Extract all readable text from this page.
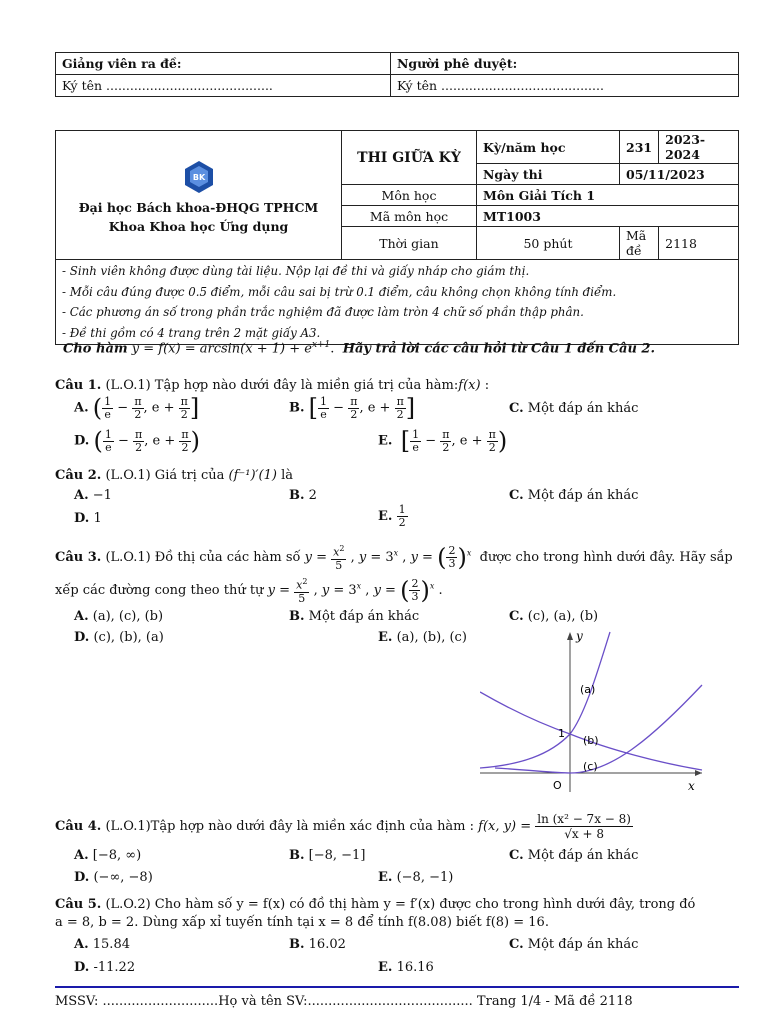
Giảng viên ra đề:	Người phê duyệt:
Ký tên ..........................................	Ký tên .........................................
BK
Đại học Bách khoa-ĐHQG TPHCM
Khoa Khoa học Ứng dụng	THI GIỮA KỲ	Kỳ/năm học	231	2023-2024
		Ngày thi	05/11/2023	
	Môn học	Môn Giải Tích 1		
	Mã môn học	MT1003		
	Thời gian	50 phút	Mã đề	2118

- Sinh viên không được dùng tài liệu. Nộp lại đề thi và giấy nháp cho giám thị.
- Mỗi câu đúng được 0.5 điểm, mỗi câu sai bị trừ 0.1 điểm, câu không chọn không tính điểm.
- Các phương án số trong phần trắc nghiệm đã được làm tròn 4 chữ số phần thập phân.
- Đề thi gồm có 4 trang trên 2 mặt giấy A3.				
Cho hàm $y = f(x) = \arcsin(x + 1) + e^{x+1}$.  Hãy trả lời các câu hỏi từ Câu 1 đến Câu 2.
Câu 1. (L.O.1) Tập hợp nào dưới đây là miền giá trị của hàm:f(x) :
A. ( $\frac{1}{e} - \frac{\pi}{2}$ , $e + \frac{\pi}{2}$ ]	B. [ $\frac{1}{e} - \frac{\pi}{2}$ , $e + \frac{\pi}{2}$ ]	C. Một đáp án khác
D. ( $\frac{1}{e} - \frac{\pi}{2}$ , $e + \frac{\pi}{2}$ )	E. [ $\frac{1}{e} - \frac{\pi}{2}$ , $e + \frac{\pi}{2}$ )
Câu 2. (L.O.1) Giá trị của (f⁻¹)′(1) là
A. −1	B. 2	C. Một đáp án khác
D. 1	E. $\frac{1}{2}$
Câu 3. (L.O.1) Đồ thị của các hàm số $y = \frac{x^2}{5}$ , $y = 3^x$ , y = ( $\frac{2}{3} )^x$ được cho trong hình dưới đây. Hãy sắp
xếp các đường cong theo thứ tự $y = \frac{x^2}{5}$ , $y = 3^x$ , y = ( $\frac{2}{3} )^x$ .
A. (a), (c), (b)	B. Một đáp án khác	C. (c), (a), (b)
D. (c), (b), (a)	E. (a), (b), (c)
(a)
(b)
(c)
1
O	x
y
Câu 4. (L.O.1)Tập hợp nào dưới đây là miền xác định của hàm : f(x, $y) = \frac{\text{ln (x² − 7x − 8)}}{√x + 8}$
A. [−8, ∞)	B. [−8, −1]	C. Một đáp án khác
D. (−∞, −8)	E. (−8, −1)
Câu 5. (L.O.2) Cho hàm số y = f(x) có đồ thị hàm y = f′(x) được cho trong hình dưới đây, trong đó
a = 8, b = 2. Dùng xấp xỉ tuyến tính tại x = 8 để tính f(8.08) biết f(8) = 16.
A. 15.84	B. 16.02	C. Một đáp án khác
D. -11.22	E. 16.16
MSSV: ............................Họ và tên SV:........................................ Trang 1/4 - Mã đề 2118
